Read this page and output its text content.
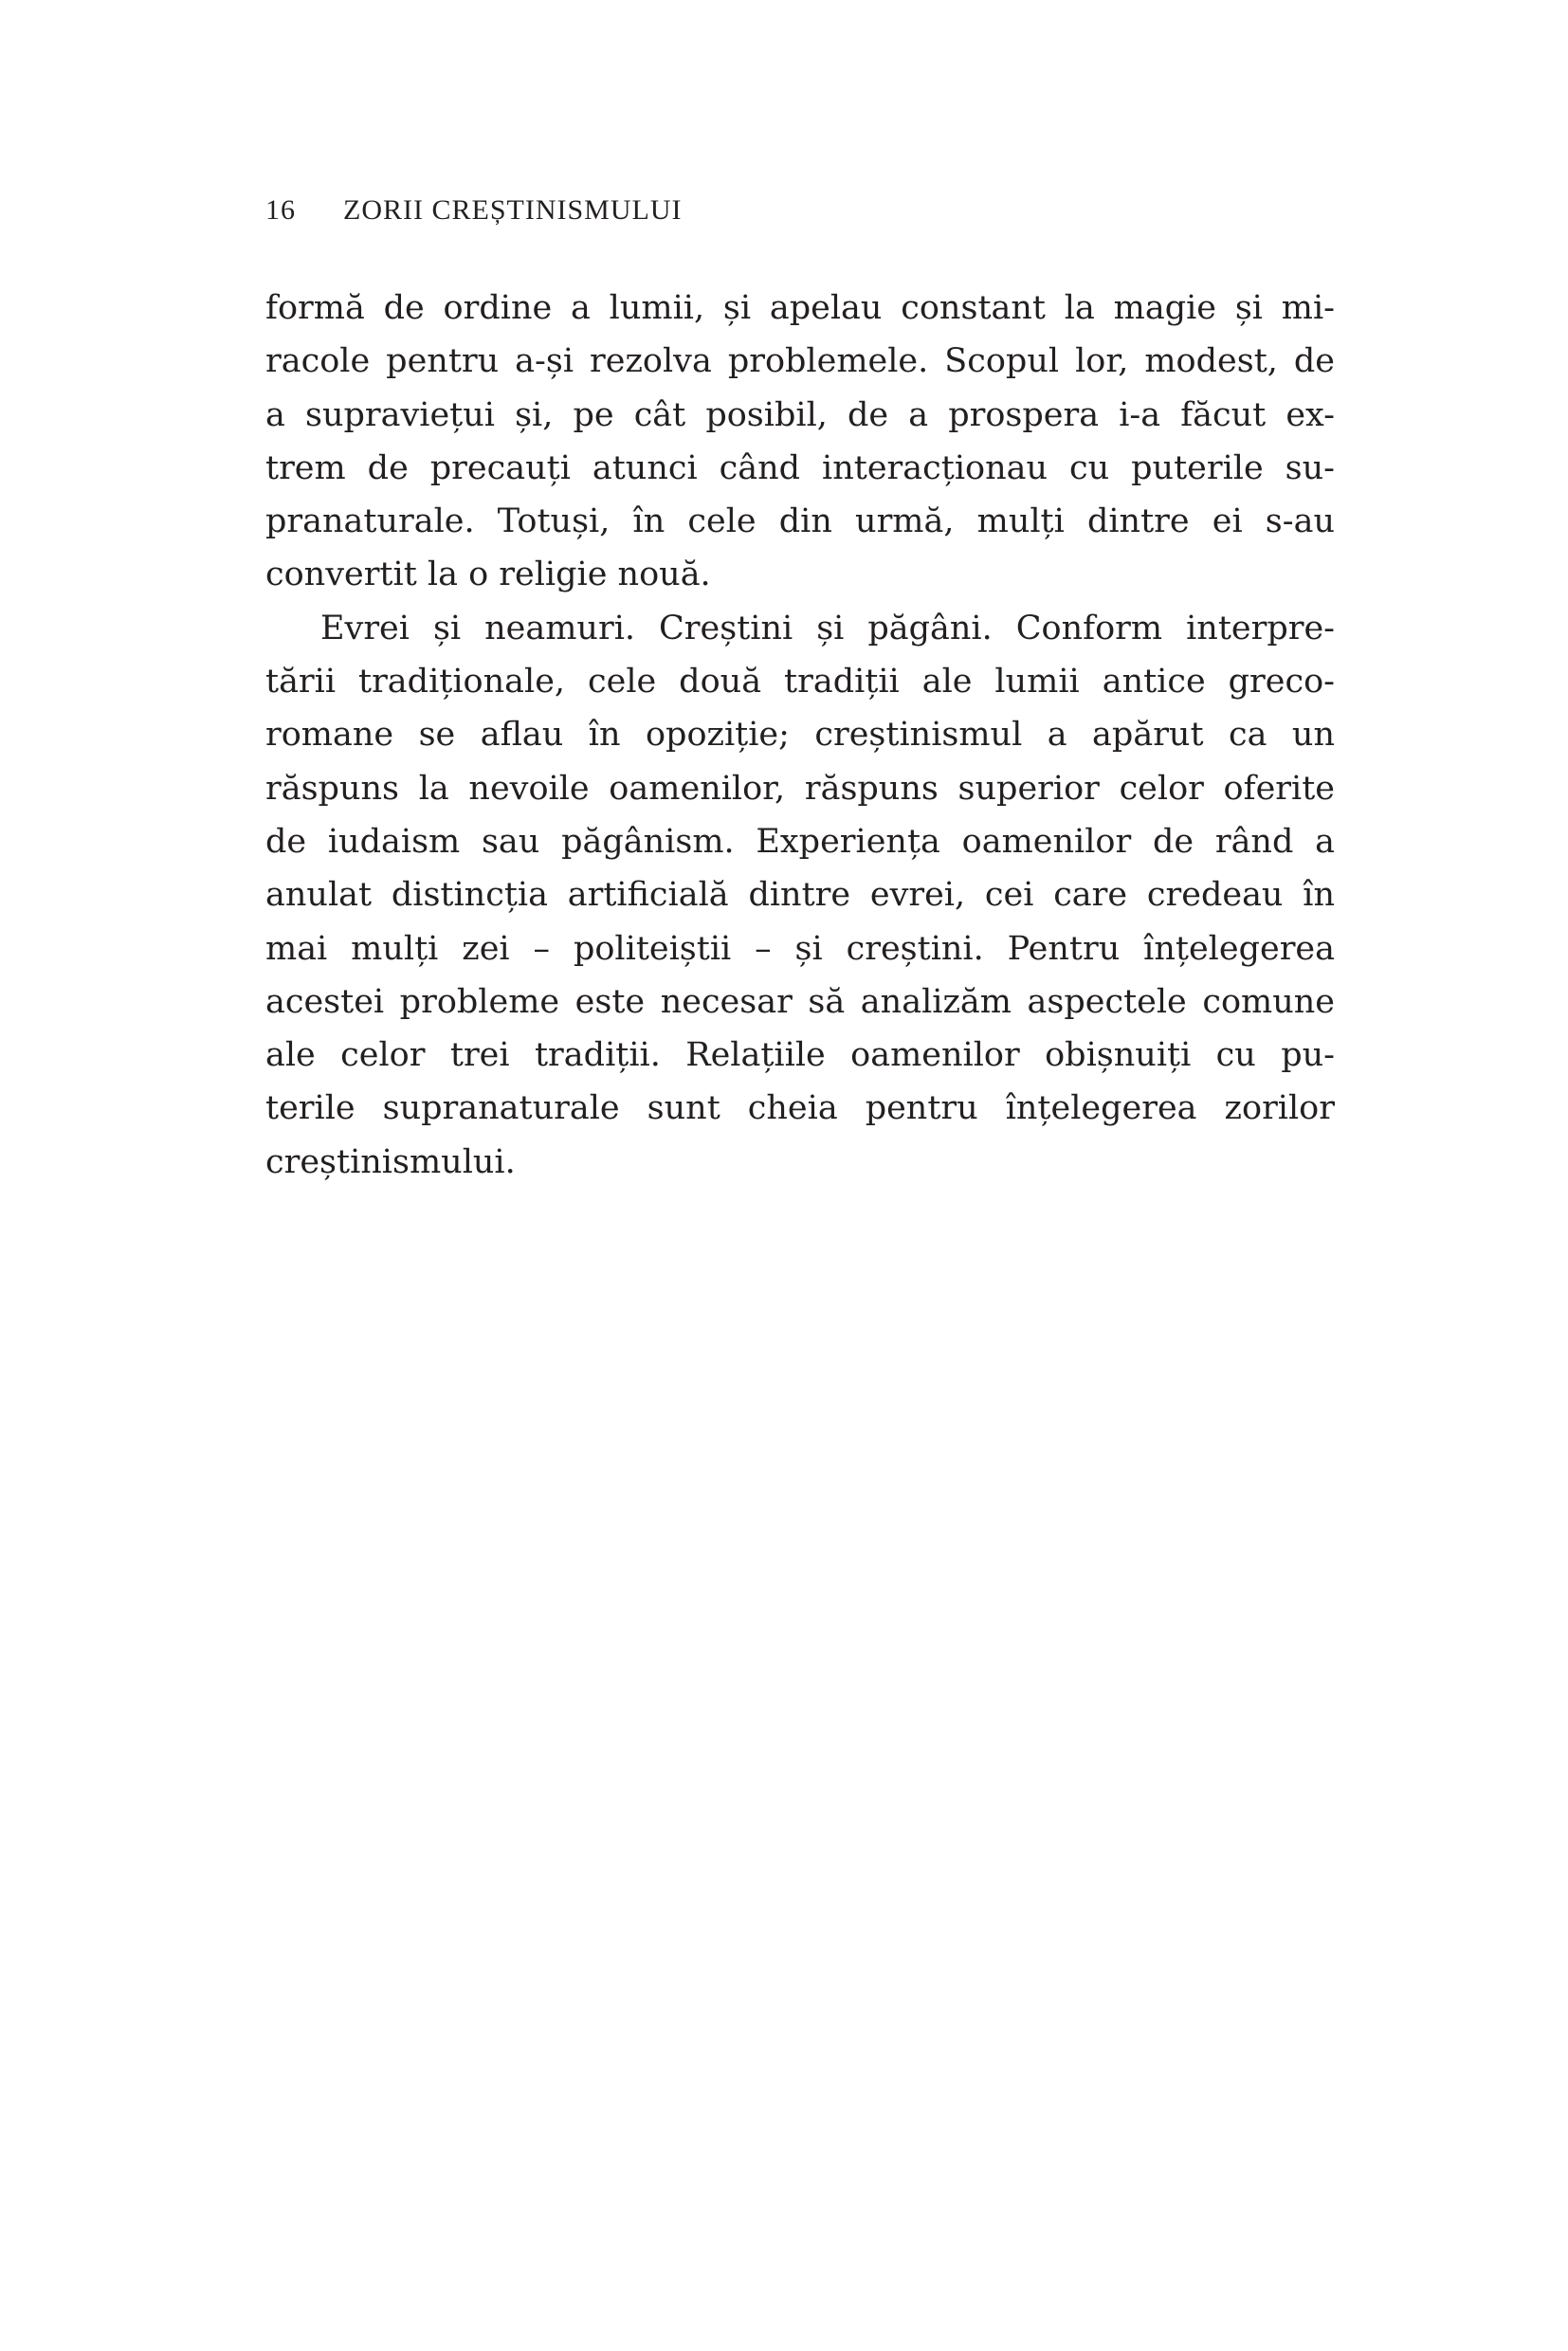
16 ZORII CREȘTINISMULUI
formă de ordine a lumii, și apelau constant la magie și mi-
racole pentru a-și rezolva problemele. Scopul lor, modest, de
a supraviețui și, pe cât posibil, de a prospera i-a făcut ex-
trem de precauți atunci când interacționau cu puterile su-
pranaturale. Totuși, în cele din urmă, mulți dintre ei s-au
convertit la o religie nouă.
Evrei și neamuri. Creștini și păgâni. Conform interpre-
tării tradiționale, cele două tradiții ale lumii antice greco-
romane se aflau în opoziție; creștinismul a apărut ca un
răspuns la nevoile oamenilor, răspuns superior celor oferite
de iudaism sau păgânism. Experiența oamenilor de rând a
anulat distincția artificială dintre evrei, cei care credeau în
mai mulți zei – politeiștii – și creștini. Pentru înțelegerea
acestei probleme este necesar să analizăm aspectele comune
ale celor trei tradiții. Relațiile oamenilor obișnuiți cu pu-
terile supranaturale sunt cheia pentru înțelegerea zorilor
creștinismului.
